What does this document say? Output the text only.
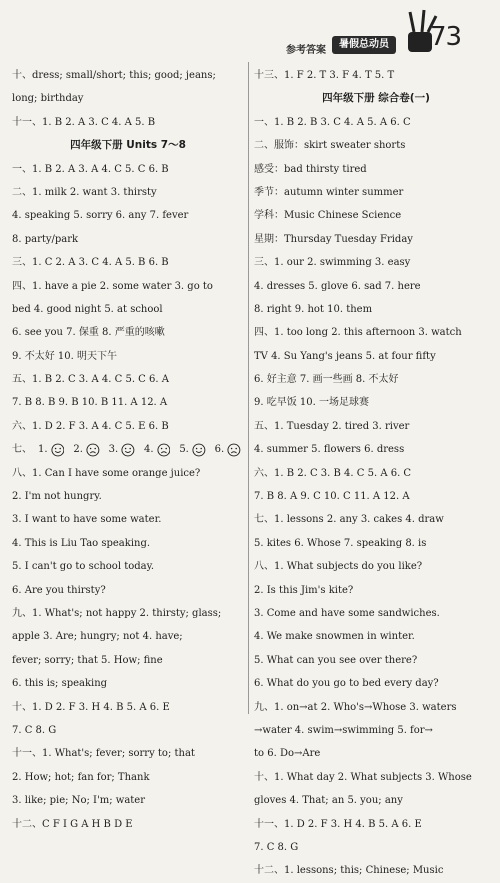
参考答案
暑假总动员 73
十、dress; small/short; this; good; jeans;
long; birthday
十一、1. B 2. A 3. C 4. A 5. B
四年级下册 Units 7～8
一、1. B 2. A 3. A 4. C 5. C 6. B
二、1. milk 2. want 3. thirsty
4. speaking 5. sorry 6. any 7. fever
8. party/park
三、1. C 2. A 3. C 4. A 5. B 6. B
四、1. have a pie 2. some water 3. go to
bed 4. good night 5. at school
6. see you 7. 保重 8. 严重的咳嗽
9. 不太好 10. 明天下午
五、1. B 2. C 3. A 4. C 5. C 6. A
7. B 8. B 9. B 10. B 11. A 12. A
六、1. D 2. F 3. A 4. C 5. E 6. B
七、 1.	2.	3.	4.	5.	6.
八、1. Can I have some orange juice?
2. I'm not hungry.
3. I want to have some water.
4. This is Liu Tao speaking.
5. I can't go to school today.
6. Are you thirsty?
九、1. What's; not happy 2. thirsty; glass;
apple 3. Are; hungry; not 4. have;
fever; sorry; that 5. How; fine
6. this is; speaking
十、1. D 2. F 3. H 4. B 5. A 6. E
7. C 8. G
十一、1. What's; fever; sorry to; that
2. How; hot; fan for; Thank
3. like; pie; No; I'm; water
十二、C F I G A H B D E
十三、1. F 2. T 3. F 4. T 5. T
四年级下册 综合卷(一)
一、1. B 2. B 3. C 4. A 5. A 6. C
二、服饰：skirt sweater shorts
感受：bad thirsty tired
季节：autumn winter summer
学科：Music Chinese Science
星期：Thursday Tuesday Friday
三、1. our 2. swimming 3. easy
4. dresses 5. glove 6. sad 7. here
8. right 9. hot 10. them
四、1. too long 2. this afternoon 3. watch
TV 4. Su Yang's jeans 5. at four fifty
6. 好主意 7. 画一些画 8. 不太好
9. 吃早饭 10. 一场足球赛
五、1. Tuesday 2. tired 3. river
4. summer 5. flowers 6. dress
六、1. B 2. C 3. B 4. C 5. A 6. C
7. B 8. A 9. C 10. C 11. A 12. A
七、1. lessons 2. any 3. cakes 4. draw
5. kites 6. Whose 7. speaking 8. is
八、1. What subjects do you like?
2. Is this Jim's kite?
3. Come and have some sandwiches.
4. We make snowmen in winter.
5. What can you see over there?
6. What do you go to bed every day?
九、1. on→at 2. Who's→Whose 3. waters
→water 4. swim→swimming 5. for→
to 6. Do→Are
十、1. What day 2. What subjects 3. Whose
gloves 4. That; an 5. you; any
十一、1. D 2. F 3. H 4. B 5. A 6. E
7. C 8. G
十二、1. lessons; this; Chinese; Music
